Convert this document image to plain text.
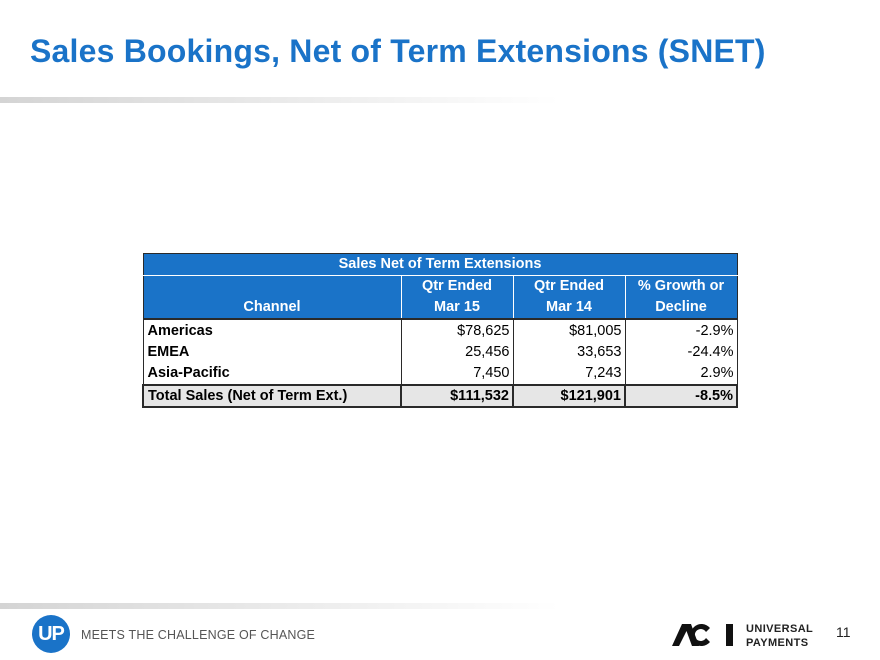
Sales Bookings, Net of Term Extensions (SNET)
Sales Net of Term Extensions			
	Qtr Ended	Qtr Ended	% Growth or
Channel	Mar 15	Mar 14	Decline
Americas	$78,625	$81,005	-2.9%
EMEA	25,456	33,653	-24.4%
Asia-Pacific	7,450	7,243	2.9%
Total Sales (Net of Term Ext.)	$111,532	$121,901	-8.5%
UP	MEETS THE CHALLENGE OF CHANGE	UNIVERSAL
PAYMENTS
11
